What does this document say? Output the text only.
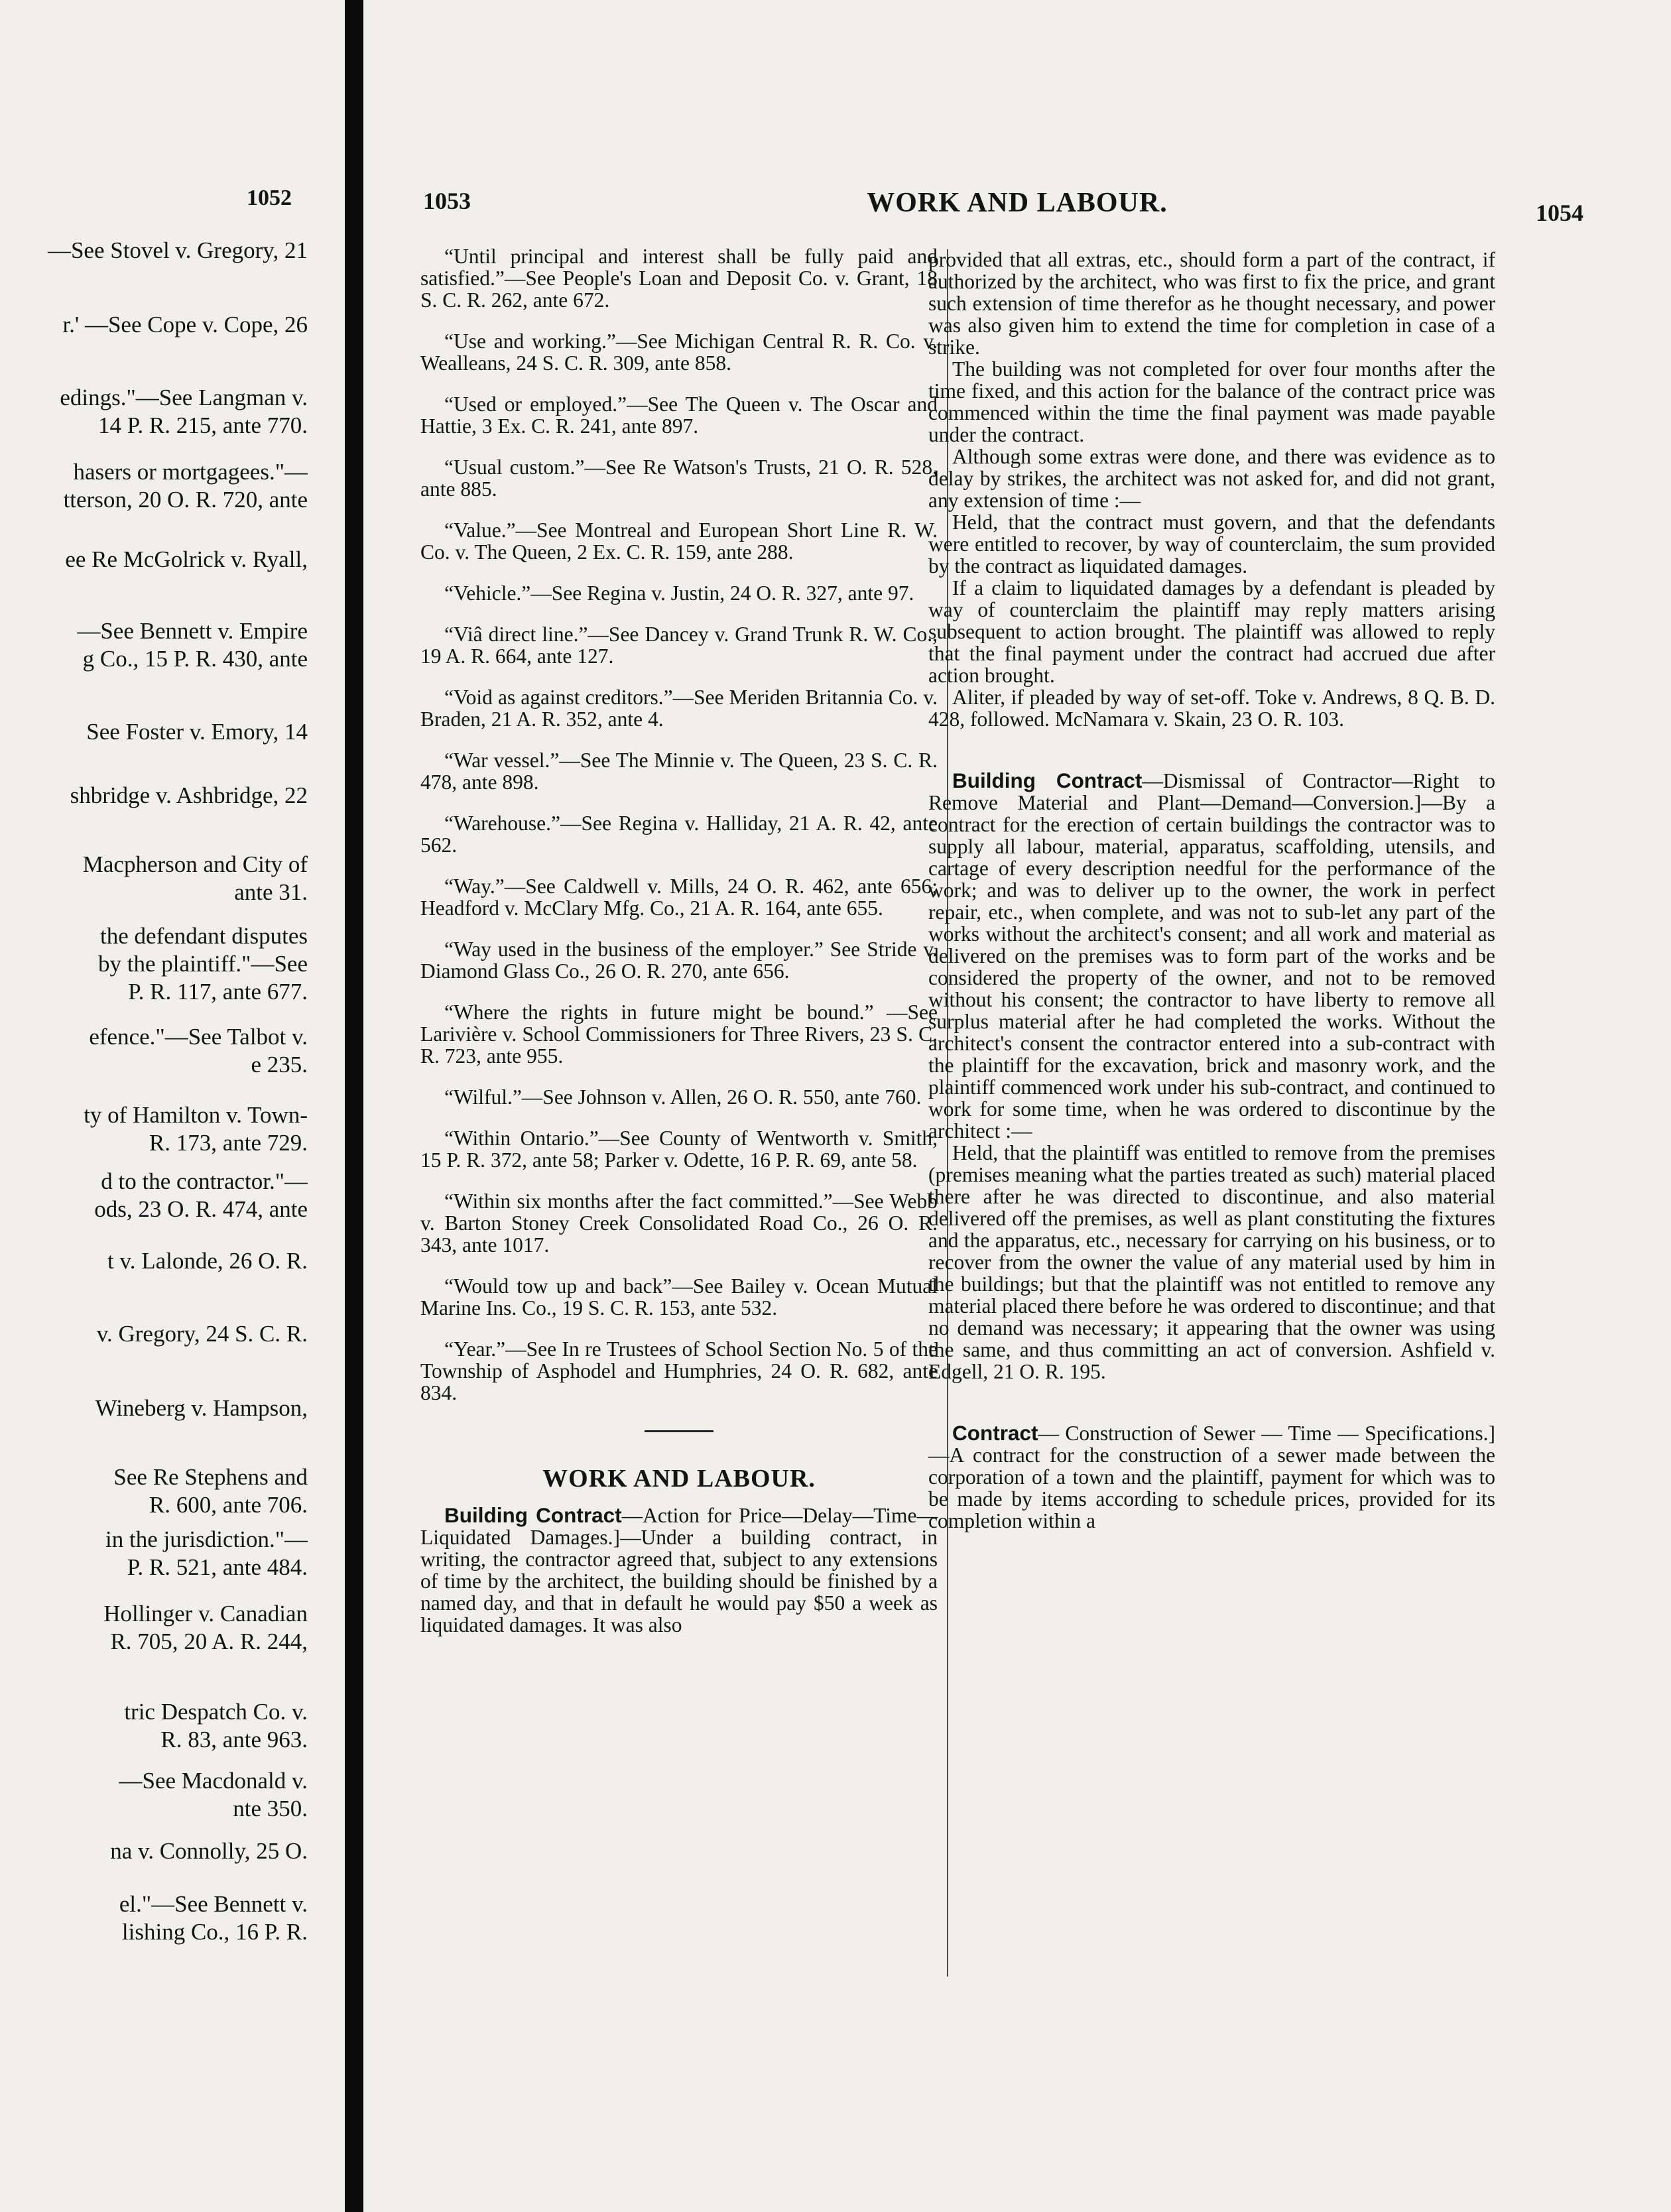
1052
—See Stovel v. Gregory, 21
r.' —See Cope v. Cope, 26
edings."—See Langman v.
14 P. R. 215, ante 770.
hasers or mortgagees."—
tterson, 20 O. R. 720, ante
ee Re McGolrick v. Ryall,
—See Bennett v. Empire
g Co., 15 P. R. 430, ante
See Foster v. Emory, 14
shbridge v. Ashbridge, 22
Macpherson and City of
ante 31.
the defendant disputes
by the plaintiff."—See
P. R. 117, ante 677.
efence."—See Talbot v.
e 235.
ty of Hamilton v. Town-
R. 173, ante 729.
d to the contractor."—
ods, 23 O. R. 474, ante
t v. Lalonde, 26 O. R.
v. Gregory, 24 S. C. R.
Wineberg v. Hampson,
See Re Stephens and
R. 600, ante 706.
in the jurisdiction."—
P. R. 521, ante 484.
Hollinger v. Canadian
R. 705, 20 A. R. 244,
tric Despatch Co. v.
R. 83, ante 963.
—See Macdonald v.
nte 350.
na v. Connolly, 25 O.
el."—See Bennett v.
lishing Co., 16 P. R.
1053	WORK AND LABOUR.	1054

“Until principal and interest shall be fully paid and satisfied.”—See People's Loan and Deposit Co. v. Grant, 18 S. C. R. 262, ante 672.

“Use and working.”—See Michigan Central R. R. Co. v. Wealleans, 24 S. C. R. 309, ante 858.

“Used or employed.”—See The Queen v. The Oscar and Hattie, 3 Ex. C. R. 241, ante 897.

“Usual custom.”—See Re Watson's Trusts, 21 O. R. 528, ante 885.

“Value.”—See Montreal and European Short Line R. W. Co. v. The Queen, 2 Ex. C. R. 159, ante 288.

“Vehicle.”—See Regina v. Justin, 24 O. R. 327, ante 97.

“Viâ direct line.”—See Dancey v. Grand Trunk R. W. Co., 19 A. R. 664, ante 127.

“Void as against creditors.”—See Meriden Britannia Co. v. Braden, 21 A. R. 352, ante 4.

“War vessel.”—See The Minnie v. The Queen, 23 S. C. R. 478, ante 898.

“Warehouse.”—See Regina v. Halliday, 21 A. R. 42, ante 562.

“Way.”—See Caldwell v. Mills, 24 O. R. 462, ante 656; Headford v. McClary Mfg. Co., 21 A. R. 164, ante 655.

“Way used in the business of the employer.” See Stride v. Diamond Glass Co., 26 O. R. 270, ante 656.

“Where the rights in future might be bound.” —See Larivière v. School Commissioners for Three Rivers, 23 S. C. R. 723, ante 955.

“Wilful.”—See Johnson v. Allen, 26 O. R. 550, ante 760.

“Within Ontario.”—See County of Wentworth v. Smith, 15 P. R. 372, ante 58; Parker v. Odette, 16 P. R. 69, ante 58.

“Within six months after the fact committed.”—See Webb v. Barton Stoney Creek Consolidated Road Co., 26 O. R. 343, ante 1017.

“Would tow up and back”—See Bailey v. Ocean Mutual Marine Ins. Co., 19 S. C. R. 153, ante 532.

“Year.”—See In re Trustees of School Section No. 5 of the Township of Asphodel and Humphries, 24 O. R. 682, ante 834.

WORK AND LABOUR.

Building Contract—Action for Price—Delay—Time—Liquidated Damages.]—Under a building contract, in writing, the contractor agreed that, subject to any extensions of time by the architect, the building should be finished by a named day, and that in default he would pay $50 a week as liquidated damages. It was also

provided that all extras, etc., should form a part of the contract, if authorized by the architect, who was first to fix the price, and grant such extension of time therefor as he thought necessary, and power was also given him to extend the time for completion in case of a strike.

The building was not completed for over four months after the time fixed, and this action for the balance of the contract price was commenced within the time the final payment was made payable under the contract.

Although some extras were done, and there was evidence as to delay by strikes, the architect was not asked for, and did not grant, any extension of time :—

Held, that the contract must govern, and that the defendants were entitled to recover, by way of counterclaim, the sum provided by the contract as liquidated damages.

If a claim to liquidated damages by a defendant is pleaded by way of counterclaim the plaintiff may reply matters arising subsequent to action brought. The plaintiff was allowed to reply that the final payment under the contract had accrued due after action brought.

Aliter, if pleaded by way of set-off. Toke v. Andrews, 8 Q. B. D. 428, followed. McNamara v. Skain, 23 O. R. 103.

Building Contract—Dismissal of Contractor—Right to Remove Material and Plant—Demand—Conversion.]—By a contract for the erection of certain buildings the contractor was to supply all labour, material, apparatus, scaffolding, utensils, and cartage of every description needful for the performance of the work; and was to deliver up to the owner, the work in perfect repair, etc., when complete, and was not to sub-let any part of the works without the architect's consent; and all work and material as delivered on the premises was to form part of the works and be considered the property of the owner, and not to be removed without his consent; the contractor to have liberty to remove all surplus material after he had completed the works. Without the architect's consent the contractor entered into a sub-contract with the plaintiff for the excavation, brick and masonry work, and the plaintiff commenced work under his sub-contract, and continued to work for some time, when he was ordered to discontinue by the architect :—

Held, that the plaintiff was entitled to remove from the premises (premises meaning what the parties treated as such) material placed there after he was directed to discontinue, and also material delivered off the premises, as well as plant constituting the fixtures and the apparatus, etc., necessary for carrying on his business, or to recover from the owner the value of any material used by him in the buildings; but that the plaintiff was not entitled to remove any material placed there before he was ordered to discontinue; and that no demand was necessary; it appearing that the owner was using the same, and thus committing an act of conversion. Ashfield v. Edgell, 21 O. R. 195.

Contract— Construction of Sewer — Time — Specifications.]—A contract for the construction of a sewer made between the corporation of a town and the plaintiff, payment for which was to be made by items according to schedule prices, provided for its completion within a
